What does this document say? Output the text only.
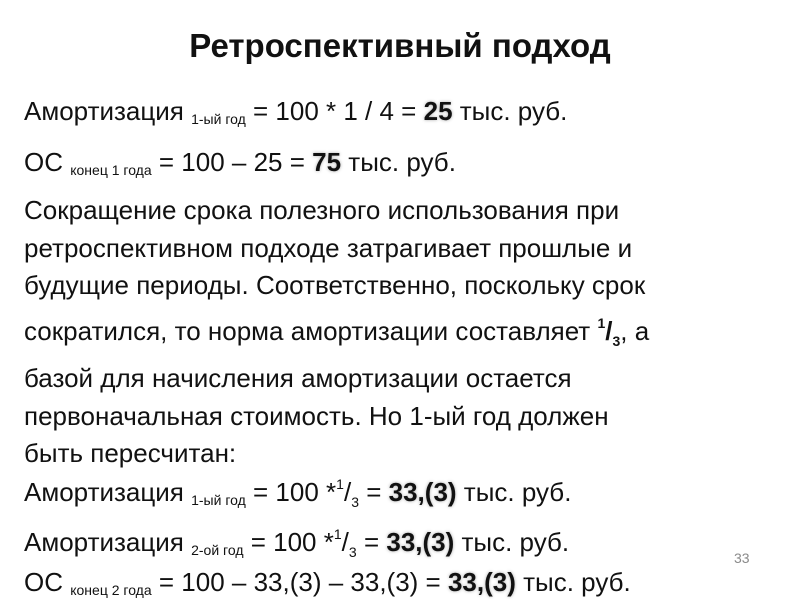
Ретроспективный подход
Амортизация $_{1-ый год}$ = 100 * 1 / 4 = 25 тыс. руб.
ОС $_{конец 1 года}$ = 100 – 25 = 75 тыс. руб.
Сокращение срока полезного использования при
ретроспективном подходе затрагивает прошлые и
будущие периоды. Соответственно, поскольку срок
сократился, то норма амортизации составляет $^1/_3$, а
базой для начисления амортизации остается
первоначальная стоимость. Но 1-ый год должен
быть пересчитан:
Амортизация $_{1-ый год}$ = 100 $*^1/_3 = 33,(3)$ тыс. руб.
Амортизация $_{2-ой год}$ = 100 $*^1/_3 = 33,(3)$ тыс. руб.
ОС $_{конец 2 года}$ = 100 – 33,(3) – 33,(3) = 33,(3) тыс. руб.
33
